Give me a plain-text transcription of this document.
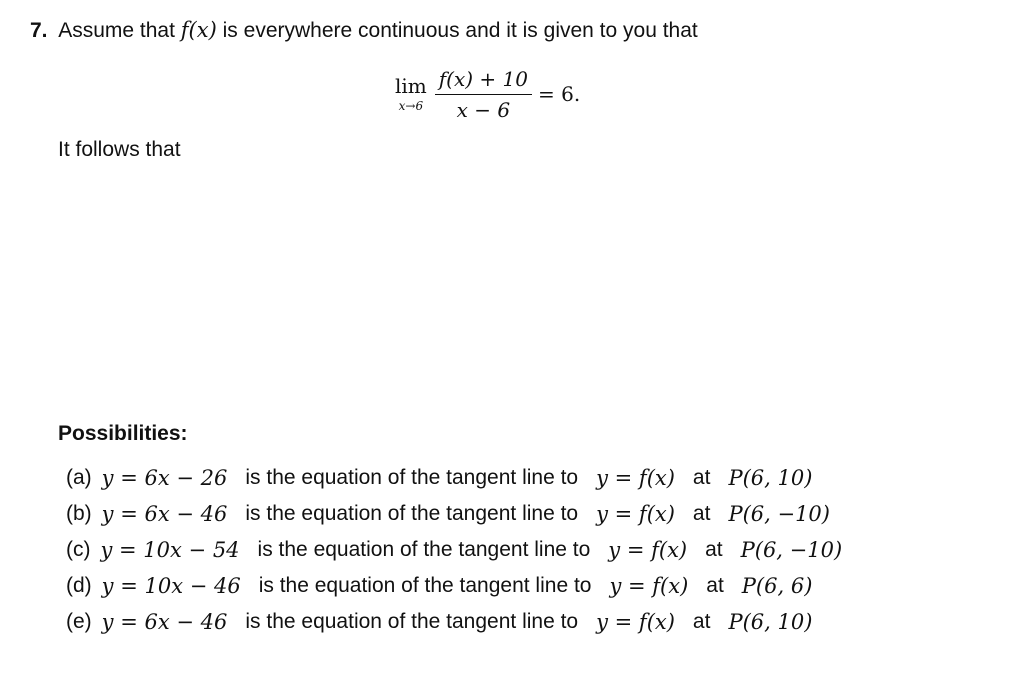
7. Assume that f(x) is everywhere continuous and it is given to you that
lim
$x\to 6 \frac{f(x) + 10}{x - 6} = 6$.
It follows that
Possibilities:
(a) y = 6x − 26 is the equation of the tangent line to y = f(x) at P(6, 10)
(b) y = 6x − 46 is the equation of the tangent line to y = f(x) at P(6, −10)
(c) y = 10x − 54 is the equation of the tangent line to y = f(x) at P(6, −10)
(d) y = 10x − 46 is the equation of the tangent line to y = f(x) at P(6, 6)
(e) y = 6x − 46 is the equation of the tangent line to y = f(x) at P(6, 10)
